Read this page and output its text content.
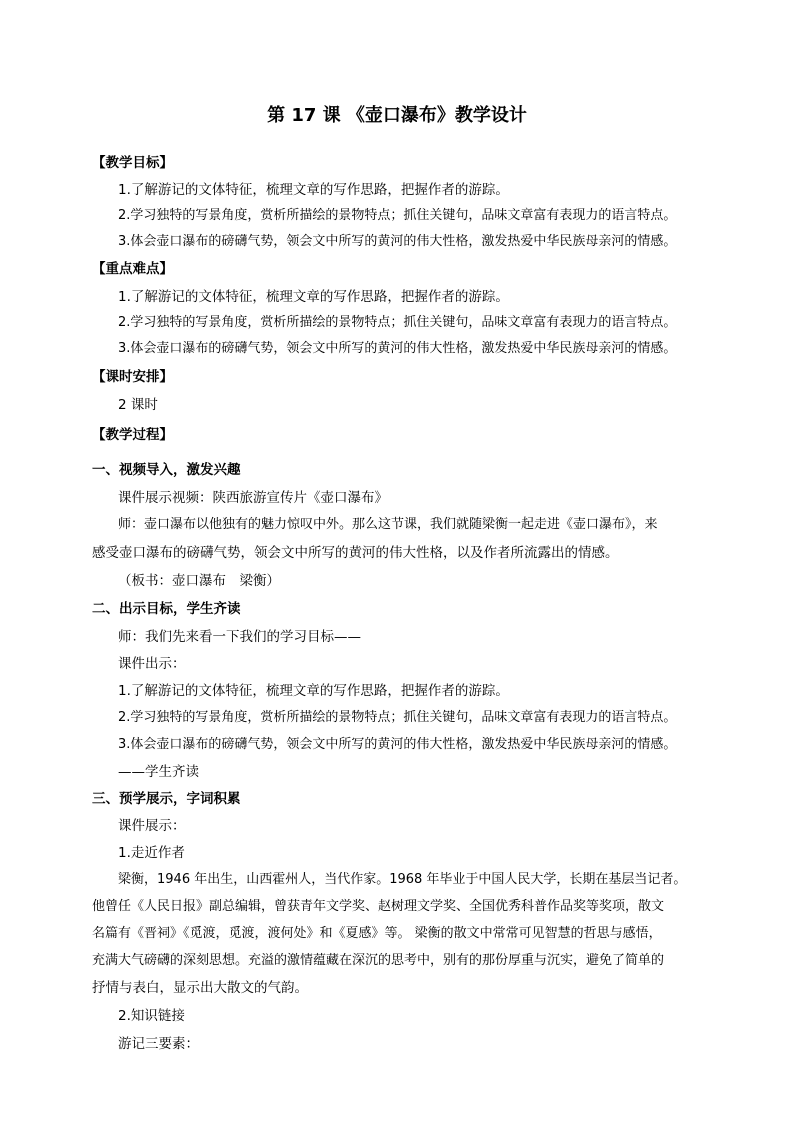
第 17 课 《壶口瀑布》教学设计
【教学目标】
1.了解游记的文体特征，梳理文章的写作思路，把握作者的游踪。
2.学习独特的写景角度，赏析所描绘的景物特点；抓住关键句，品味文章富有表现力的语言特点。
3.体会壶口瀑布的磅礴气势，领会文中所写的黄河的伟大性格，激发热爱中华民族母亲河的情感。
【重点难点】
1.了解游记的文体特征，梳理文章的写作思路，把握作者的游踪。
2.学习独特的写景角度，赏析所描绘的景物特点；抓住关键句，品味文章富有表现力的语言特点。
3.体会壶口瀑布的磅礴气势，领会文中所写的黄河的伟大性格，激发热爱中华民族母亲河的情感。
【课时安排】
2 课时
【教学过程】
一、视频导入，激发兴趣
课件展示视频：陕西旅游宣传片《壶口瀑布》
师：壶口瀑布以他独有的魅力惊叹中外。那么这节课，我们就随梁衡一起走进《壶口瀑布》，来
感受壶口瀑布的磅礴气势，领会文中所写的黄河的伟大性格，以及作者所流露出的情感。
（板书：壶口瀑布　梁衡）
二、出示目标，学生齐读
师：我们先来看一下我们的学习目标——
课件出示：
1.了解游记的文体特征，梳理文章的写作思路，把握作者的游踪。
2.学习独特的写景角度，赏析所描绘的景物特点；抓住关键句，品味文章富有表现力的语言特点。
3.体会壶口瀑布的磅礴气势，领会文中所写的黄河的伟大性格，激发热爱中华民族母亲河的情感。
——学生齐读
三、预学展示，字词积累
课件展示：
1.走近作者
梁衡，1946 年出生，山西霍州人，当代作家。1968 年毕业于中国人民大学，长期在基层当记者。
他曾任《人民日报》副总编辑，曾获青年文学奖、赵树理文学奖、全国优秀科普作品奖等奖项，散文
名篇有《晋祠》《觅渡，觅渡，渡何处》和《夏感》等。 梁衡的散文中常常可见智慧的哲思与感悟，
充满大气磅礴的深刻思想。充溢的激情蕴藏在深沉的思考中，别有的那份厚重与沉实，避免了简单的
抒情与表白，显示出大散文的气韵。
2.知识链接
游记三要素：
